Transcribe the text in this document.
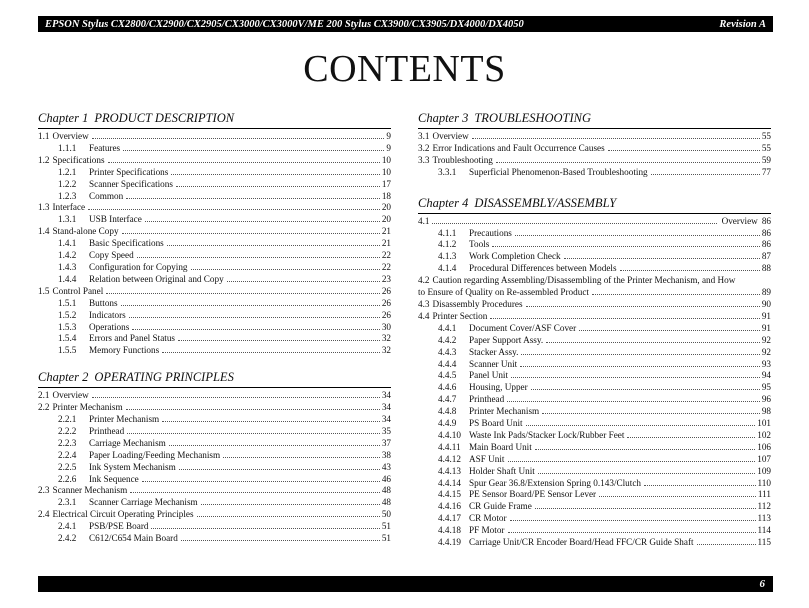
EPSON Stylus CX2800/CX2900/CX2905/CX3000/CX3000V/ME 200 Stylus CX3900/CX3905/DX4000/DX4050	Revision A
CONTENTS
Chapter 1 PRODUCT DESCRIPTION
1.1 Overview	9
1.1.1	Features	9
1.2 Specifications	10
1.2.1	Printer Specifications	10
1.2.2	Scanner Specifications	17
1.2.3	Common	18
1.3 Interface	20
1.3.1	USB Interface	20
1.4 Stand-alone Copy	21
1.4.1	Basic Specifications	21
1.4.2	Copy Speed	22
1.4.3	Configuration for Copying	22
1.4.4	Relation between Original and Copy	23
1.5 Control Panel	26
1.5.1	Buttons	26
1.5.2	Indicators	26
1.5.3	Operations	30
1.5.4	Errors and Panel Status	32
1.5.5	Memory Functions	32
Chapter 2 OPERATING PRINCIPLES
2.1 Overview	34
2.2 Printer Mechanism	34
2.2.1	Printer Mechanism	34
2.2.2	Printhead	35
2.2.3	Carriage Mechanism	37
2.2.4	Paper Loading/Feeding Mechanism	38
2.2.5	Ink System Mechanism	43
2.2.6	Ink Sequence	46
2.3 Scanner Mechanism	48
2.3.1	Scanner Carriage Mechanism	48
2.4 Electrical Circuit Operating Principles	50
2.4.1	PSB/PSE Board	51
2.4.2	C612/C654 Main Board	51
Chapter 3 TROUBLESHOOTING
3.1 Overview	55
3.2 Error Indications and Fault Occurrence Causes	55
3.3 Troubleshooting	59
3.3.1	Superficial Phenomenon-Based Troubleshooting	77
Chapter 4 DISASSEMBLY/ASSEMBLY
4.1	Overview 86
4.1.1	Precautions	86
4.1.2	Tools	86
4.1.3	Work Completion Check	87
4.1.4	Procedural Differences between Models	88
4.2 Caution regarding Assembling/Disassembling of the Printer Mechanism, and How
to Ensure of Quality on Re-assembled Product	89
4.3 Disassembly Procedures	90
4.4 Printer Section	91
4.4.1	Document Cover/ASF Cover	91
4.4.2	Paper Support Assy.	92
4.4.3	Stacker Assy.	92
4.4.4	Scanner Unit	93
4.4.5	Panel Unit	94
4.4.6	Housing, Upper	95
4.4.7	Printhead	96
4.4.8	Printer Mechanism	98
4.4.9	PS Board Unit	101
4.4.10 Waste Ink Pads/Stacker Lock/Rubber Feet	102
4.4.11 Main Board Unit	106
4.4.12 ASF Unit	107
4.4.13 Holder Shaft Unit	109
4.4.14 Spur Gear 36.8/Extension Spring 0.143/Clutch	110
4.4.15 PE Sensor Board/PE Sensor Lever	111
4.4.16 CR Guide Frame	112
4.4.17 CR Motor	113
4.4.18 PF Motor	114
4.4.19 Carriage Unit/CR Encoder Board/Head FFC/CR Guide Shaft	115
6
